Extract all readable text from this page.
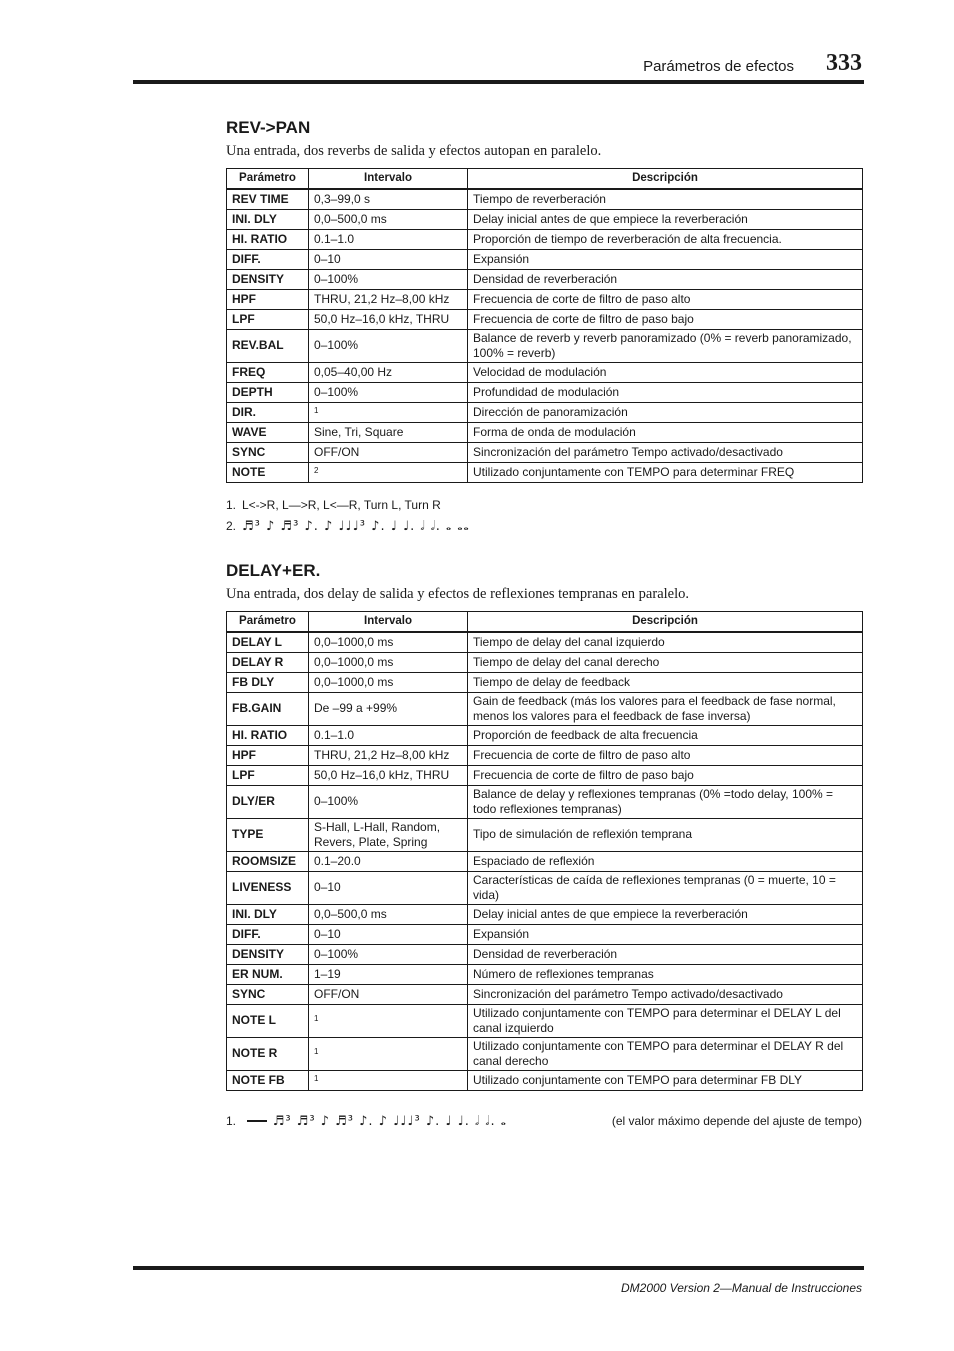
Parámetros de efectos 333
REV->PAN
Una entrada, dos reverbs de salida y efectos autopan en paralelo.
Parámetro	Intervalo	Descripción
REV TIME	0,3–99,0 s	Tiempo de reverberación
INI. DLY	0,0–500,0 ms	Delay inicial antes de que empiece la reverberación
HI. RATIO	0.1–1.0	Proporción de tiempo de reverberación de alta frecuencia.
DIFF.	0–10	Expansión
DENSITY	0–100%	Densidad de reverberación
HPF	THRU, 21,2 Hz–8,00 kHz	Frecuencia de corte de filtro de paso alto
LPF	50,0 Hz–16,0 kHz, THRU	Frecuencia de corte de filtro de paso bajo
REV.BAL	0–100%	Balance de reverb y reverb panoramizado (0% = reverb panoramizado, 100% = reverb)
FREQ	0,05–40,00 Hz	Velocidad de modulación
DEPTH	0–100%	Profundidad de modulación
DIR.	$^1$	Dirección de panoramización
WAVE	Sine, Tri, Square	Forma de onda de modulación
SYNC	OFF/ON	Sincronización del parámetro Tempo activado/desactivado
NOTE	$^2$	Utilizado conjuntamente con TEMPO para determinar FREQ
1. L<->R, L—>R, L<—R, Turn L, Turn R
2. ♬³ ♪ ♬³ ♪. ♪ ♩♩♩³ ♪. ♩ ♩. 𝅗𝅥 𝅗𝅥. 𝅝 𝅝𝅝
DELAY+ER.
Una entrada, dos delay de salida y efectos de reflexiones tempranas en paralelo.
Parámetro	Intervalo	Descripción
DELAY L	0,0–1000,0 ms	Tiempo de delay del canal izquierdo
DELAY R	0,0–1000,0 ms	Tiempo de delay del canal derecho
FB DLY	0,0–1000,0 ms	Tiempo de delay de feedback
FB.GAIN	De –99 a +99%	Gain de feedback (más los valores para el feedback de fase normal, menos los valores para el feedback de fase inversa)
HI. RATIO	0.1–1.0	Proporción de feedback de alta frecuencia
HPF	THRU, 21,2 Hz–8,00 kHz	Frecuencia de corte de filtro de paso alto
LPF	50,0 Hz–16,0 kHz, THRU	Frecuencia de corte de filtro de paso bajo
DLY/ER	0–100%	Balance de delay y reflexiones tempranas (0% =todo delay, 100% = todo reflexiones tempranas)
TYPE	S-Hall, L-Hall, Random, Revers, Plate, Spring	Tipo de simulación de reflexión temprana
ROOMSIZE	0.1–20.0	Espaciado de reflexión
LIVENESS	0–10	Características de caída de reflexiones tempranas (0 = muerte, 10 = vida)
INI. DLY	0,0–500,0 ms	Delay inicial antes de que empiece la reverberación
DIFF.	0–10	Expansión
DENSITY	0–100%	Densidad de reverberación
ER NUM.	1–19	Número de reflexiones tempranas
SYNC	OFF/ON	Sincronización del parámetro Tempo activado/desactivado
NOTE L	$^1$	Utilizado conjuntamente con TEMPO para determinar el DELAY L del canal izquierdo
NOTE R	$^1$	Utilizado conjuntamente con TEMPO para determinar el DELAY R del canal derecho
NOTE FB	$^1$	Utilizado conjuntamente con TEMPO para determinar FB DLY
1.	♬³ ♬³ ♪ ♬³ ♪. ♪ ♩♩♩³ ♪. ♩ ♩. 𝅗𝅥 𝅗𝅥. 𝅝	(el valor máximo depende del ajuste de tempo)
DM2000 Version 2—Manual de Instrucciones
